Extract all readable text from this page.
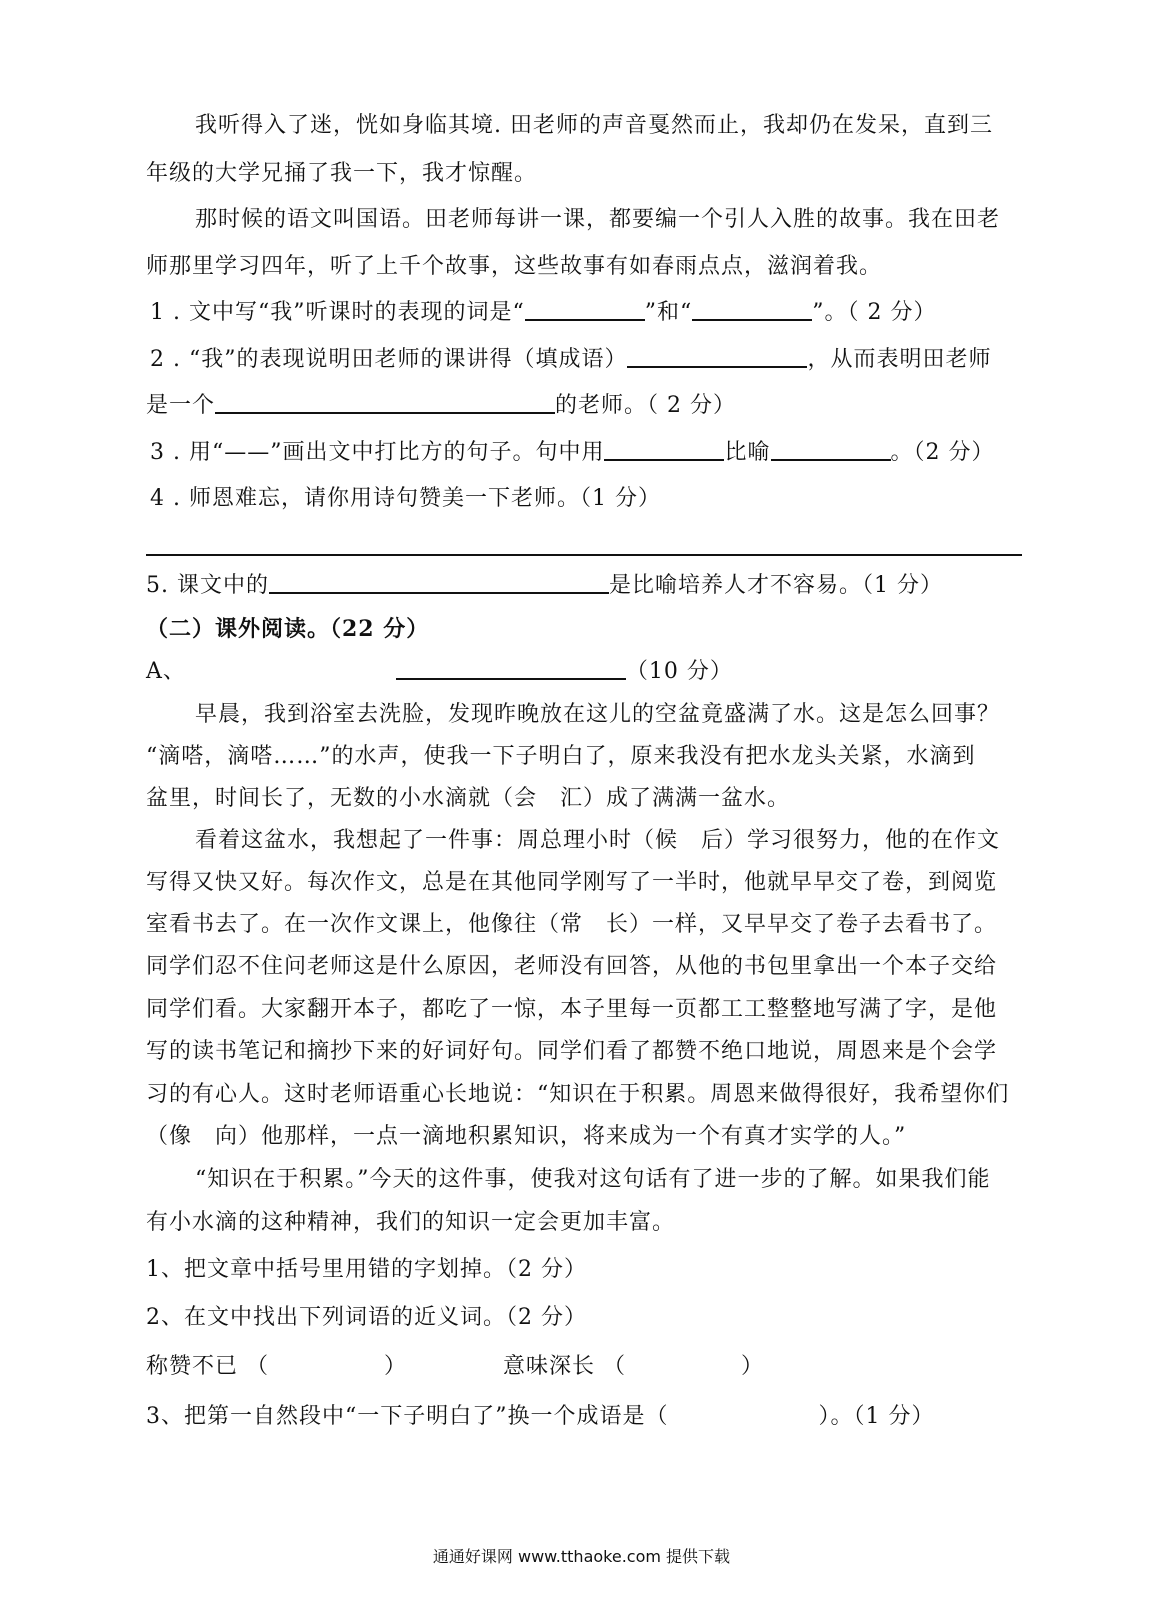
我听得入了迷，恍如身临其境. 田老师的声音戛然而止，我却仍在发呆，直到三
年级的大学兄捅了我一下，我才惊醒。
那时候的语文叫国语。田老师每讲一课，都要编一个引人入胜的故事。我在田老
师那里学习四年，听了上千个故事，这些故事有如春雨点点，滋润着我。
1 . 文中写“我”听课时的表现的词是“	”和“	”。（ 2 分）
2 . “我”的表现说明田老师的课讲得（填成语）	，从而表明田老师
是一个	的老师。（ 2 分）
3 . 用“——”画出文中打比方的句子。句中用	比喻	。（2 分）
4 . 师恩难忘，请你用诗句赞美一下老师。（1 分）
5. 课文中的	是比喻培养人才不容易。（1 分）
（二）课外阅读。（22 分）
A、	（10 分）
早晨，我到浴室去洗脸，发现昨晚放在这儿的空盆竟盛满了水。这是怎么回事？
“滴嗒，滴嗒……”的水声，使我一下子明白了，原来我没有把水龙头关紧，水滴到
盆里，时间长了，无数的小水滴就（会　汇）成了满满一盆水。
看着这盆水，我想起了一件事：周总理小时（候　后）学习很努力，他的在作文
写得又快又好。每次作文，总是在其他同学刚写了一半时，他就早早交了卷，到阅览
室看书去了。在一次作文课上，他像往（常　长）一样，又早早交了卷子去看书了。
同学们忍不住问老师这是什么原因，老师没有回答，从他的书包里拿出一个本子交给
同学们看。大家翻开本子，都吃了一惊，本子里每一页都工工整整地写满了字，是他
写的读书笔记和摘抄下来的好词好句。同学们看了都赞不绝口地说，周恩来是个会学
习的有心人。这时老师语重心长地说：“知识在于积累。周恩来做得很好，我希望你们
（像　向）他那样，一点一滴地积累知识，将来成为一个有真才实学的人。”
“知识在于积累。”今天的这件事，使我对这句话有了进一步的了解。如果我们能
有小水滴的这种精神，我们的知识一定会更加丰富。
1、把文章中括号里用错的字划掉。（2 分）
2、在文中找出下列词语的近义词。（2 分）
称赞不已 （	）	意味深长 （	）
3、把第一自然段中“一下子明白了”换一个成语是（	）。（1 分）
通通好课网 www.tthaoke.com 提供下载
